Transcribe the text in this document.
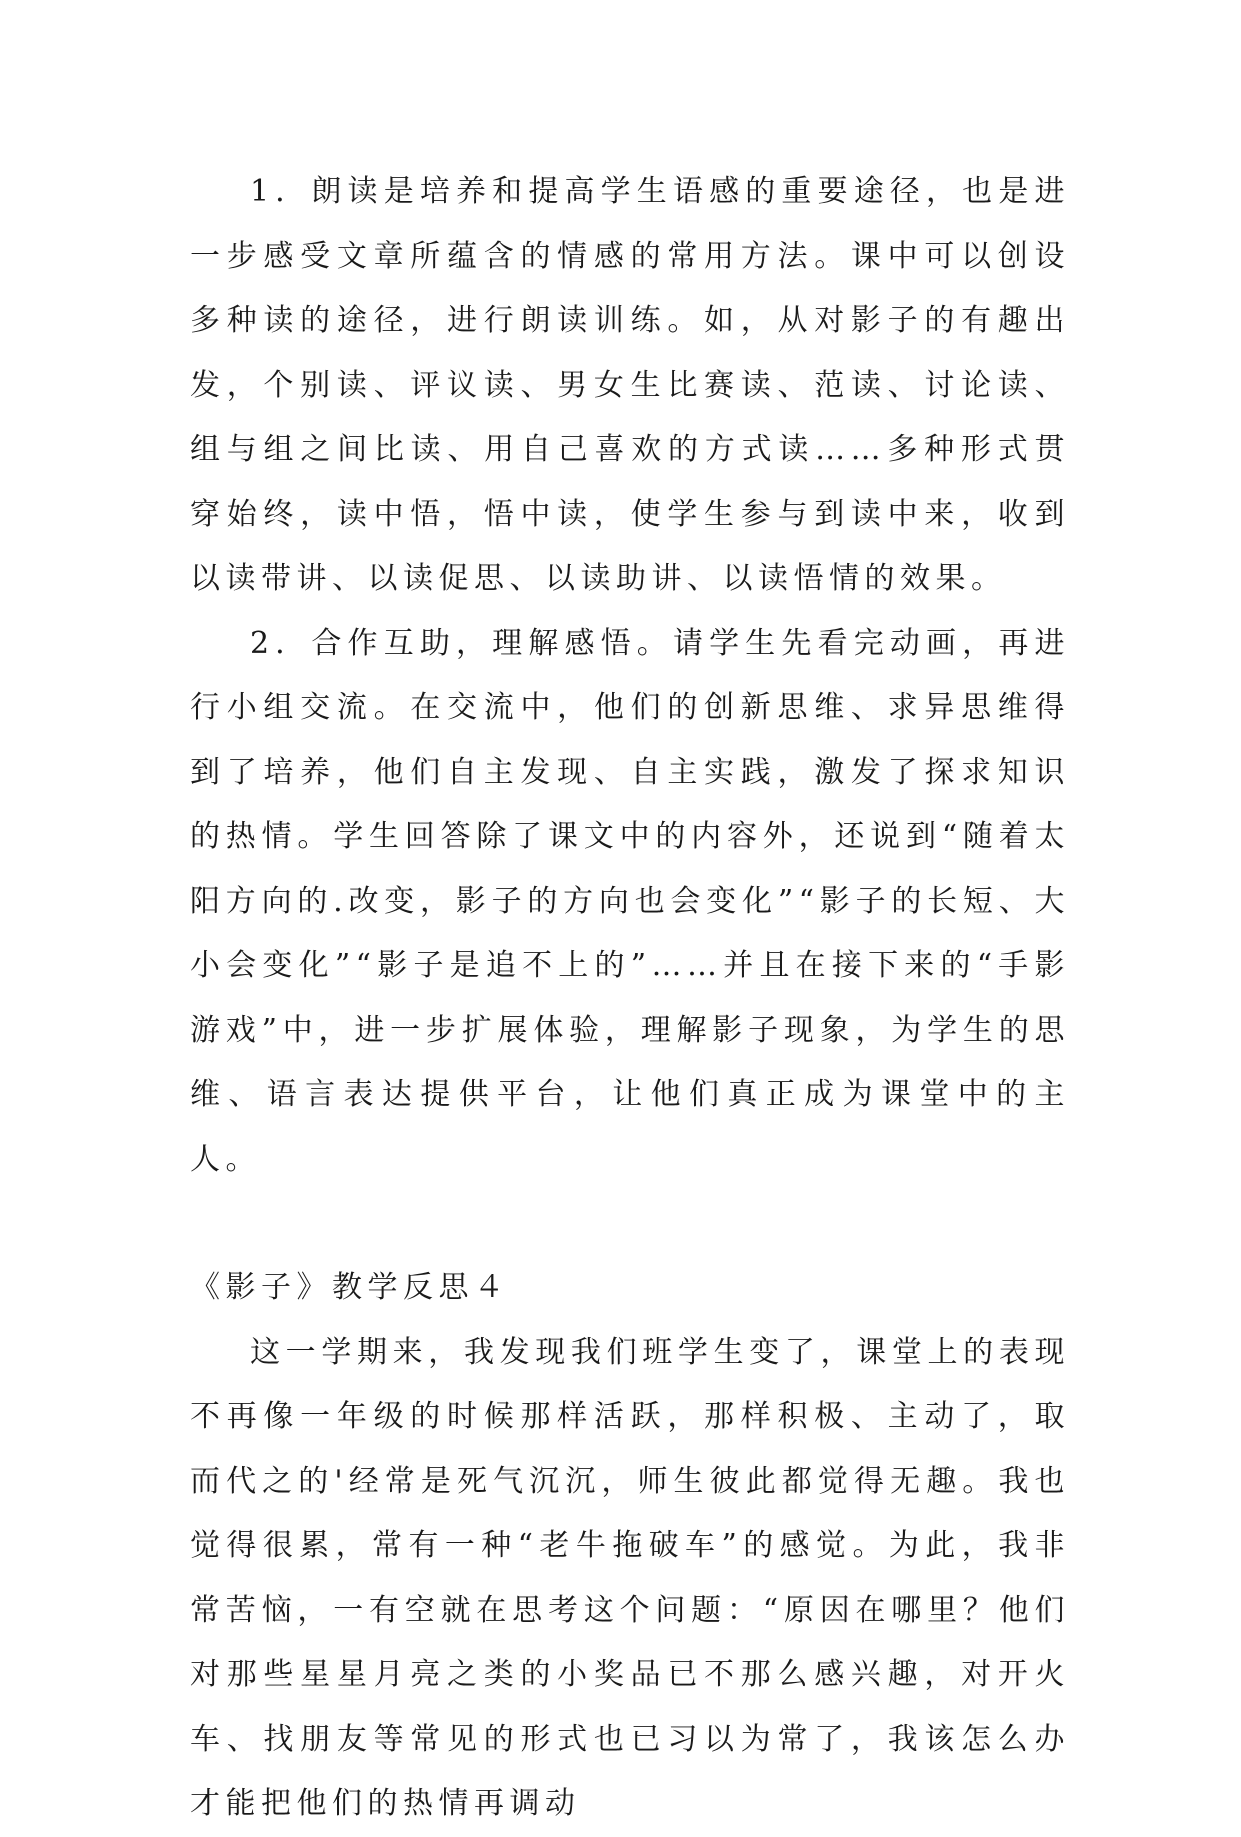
1．朗读是培养和提高学生语感的重要途径，也是进一步感受文章所蕴含的情感的常用方法。课中可以创设多种读的途径，进行朗读训练。如，从对影子的有趣出发，个别读、评议读、男女生比赛读、范读、讨论读、组与组之间比读、用自己喜欢的方式读……多种形式贯穿始终，读中悟，悟中读，使学生参与到读中来，收到以读带讲、以读促思、以读助讲、以读悟情的效果。

2．合作互助，理解感悟。请学生先看完动画，再进行小组交流。在交流中，他们的创新思维、求异思维得到了培养，他们自主发现、自主实践，激发了探求知识的热情。学生回答除了课文中的内容外，还说到“随着太阳方向的.改变，影子的方向也会变化”“影子的长短、大小会变化”“影子是追不上的”……并且在接下来的“手影游戏”中，进一步扩展体验，理解影子现象，为学生的思维、语言表达提供平台，让他们真正成为课堂中的主人。

《影子》教学反思４

这一学期来，我发现我们班学生变了，课堂上的表现不再像一年级的时候那样活跃，那样积极、主动了，取而代之的'经常是死气沉沉，师生彼此都觉得无趣。我也觉得很累，常有一种“老牛拖破车”的感觉。为此，我非常苦恼，一有空就在思考这个问题：“原因在哪里？他们对那些星星月亮之类的小奖品已不那么感兴趣，对开火车、找朋友等常见的形式也已习以为常了，我该怎么办才能把他们的热情再调动
